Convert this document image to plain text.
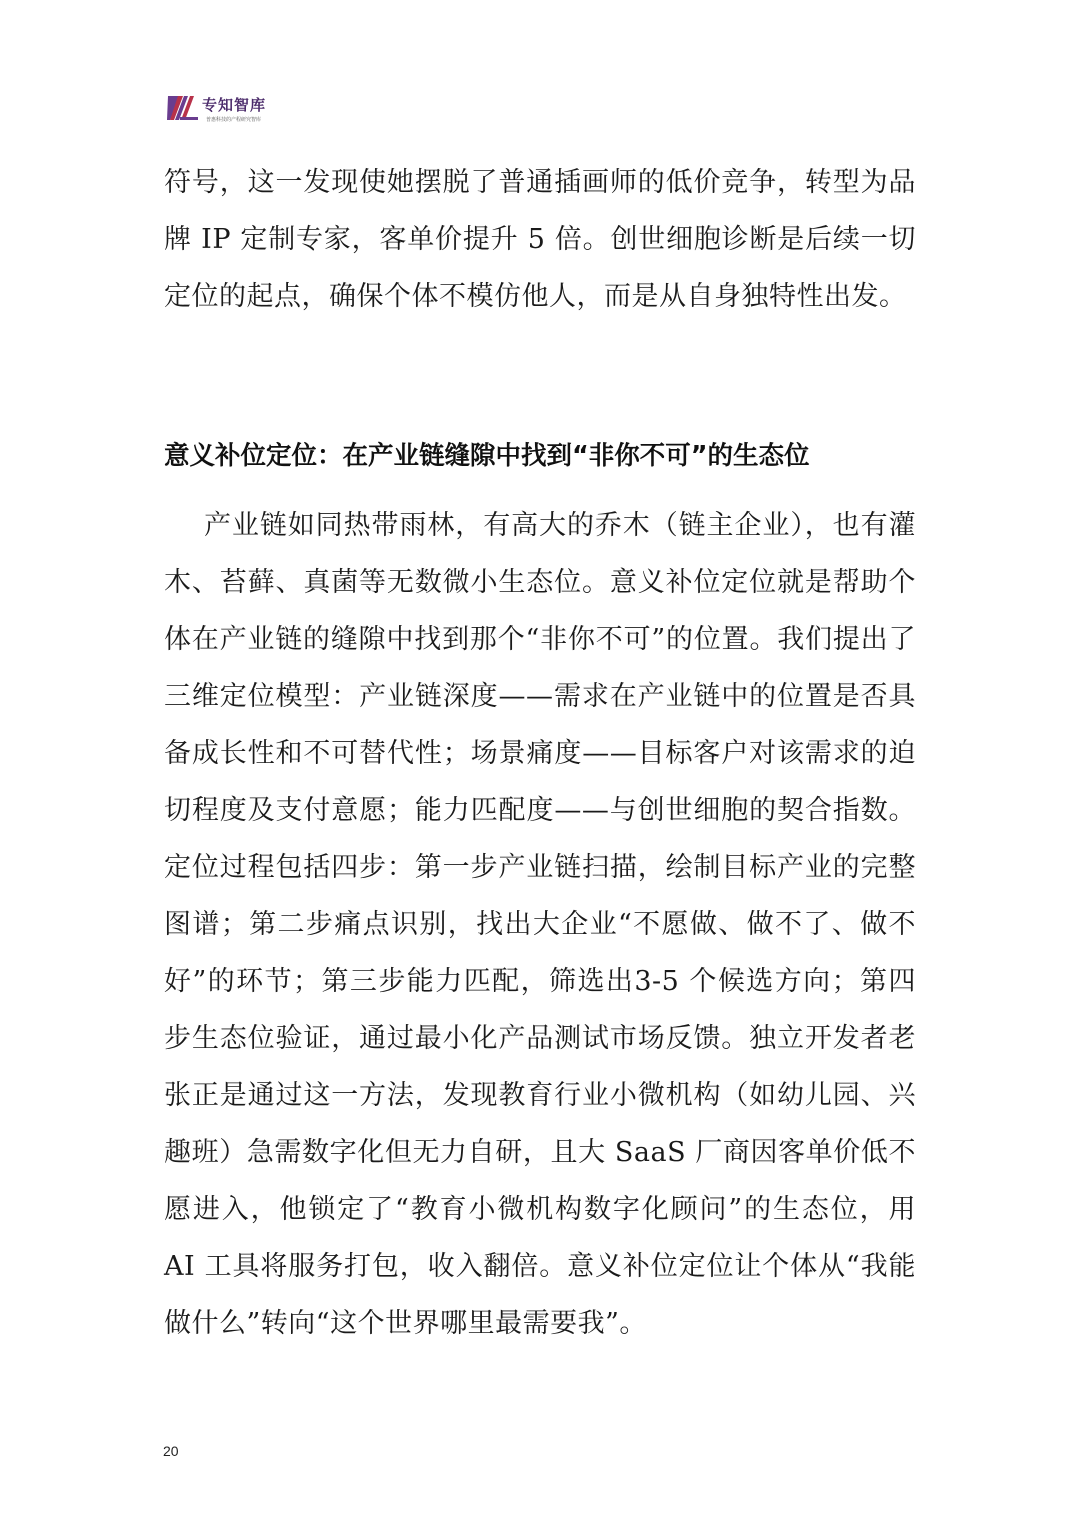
专知智库
普惠科技的产程研究智库
符号，这一发现使她摆脱了普通插画师的低价竞争，转型为品牌 IP 定制专家，客单价提升 5 倍。创世细胞诊断是后续一切定位的起点，确保个体不模仿他人，而是从自身独特性出发。
意义补位定位：在产业链缝隙中找到“非你不可”的生态位
产业链如同热带雨林，有高大的乔木（链主企业），也有灌木、苔藓、真菌等无数微小生态位。意义补位定位就是帮助个体在产业链的缝隙中找到那个“非你不可”的位置。我们提出了三维定位模型：产业链深度——需求在产业链中的位置是否具备成长性和不可替代性；场景痛度——目标客户对该需求的迫切程度及支付意愿；能力匹配度——与创世细胞的契合指数。定位过程包括四步：第一步产业链扫描，绘制目标产业的完整图谱；第二步痛点识别，找出大企业“不愿做、做不了、做不好”的环节；第三步能力匹配，筛选出3-5 个候选方向；第四步生态位验证，通过最小化产品测试市场反馈。独立开发者老张正是通过这一方法，发现教育行业小微机构（如幼儿园、兴趣班）急需数字化但无力自研，且大 SaaS 厂商因客单价低不愿进入，他锁定了“教育小微机构数字化顾问”的生态位，用 AI 工具将服务打包，收入翻倍。意义补位定位让个体从“我能做什么”转向“这个世界哪里最需要我”。
20
